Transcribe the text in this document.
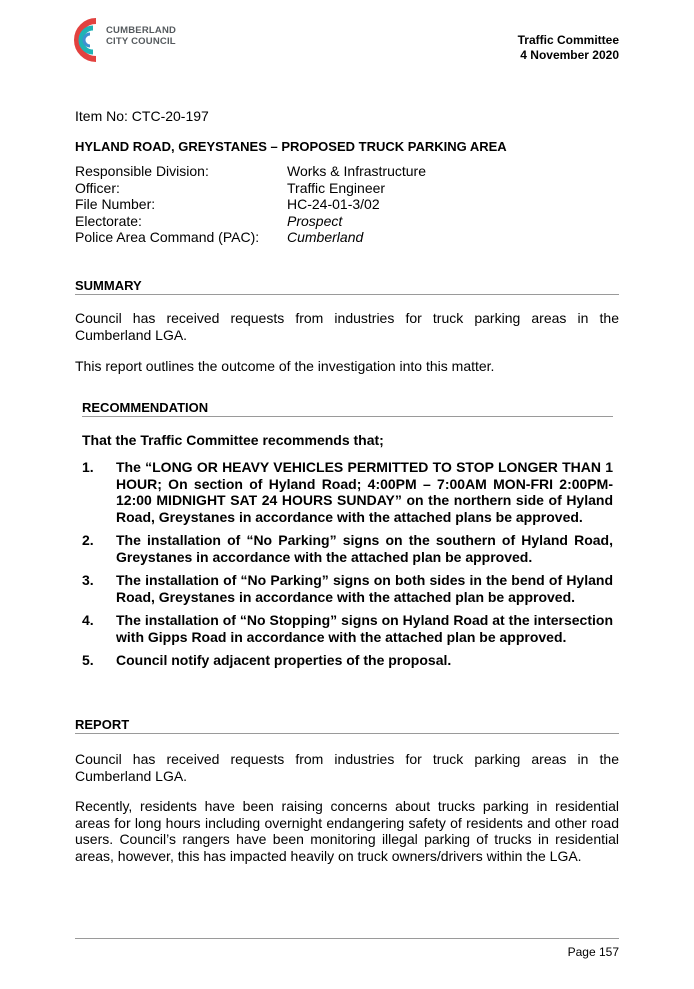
CUMBERLAND
CITY COUNCIL	Traffic Committee
4 November 2020
Item No: CTC-20-197
HYLAND ROAD, GREYSTANES – PROPOSED TRUCK PARKING AREA
Responsible Division:	Works & Infrastructure
Officer:	Traffic Engineer
File Number:	HC-24-01-3/02
Electorate:	Prospect
Police Area Command (PAC):	Cumberland
SUMMARY
Council has received requests from industries for truck parking areas in the Cumberland LGA.
This report outlines the outcome of the investigation into this matter.
RECOMMENDATION
That the Traffic Committee recommends that;
1.	The “LONG OR HEAVY VEHICLES PERMITTED TO STOP LONGER THAN 1 HOUR; On section of Hyland Road; 4:00PM – 7:00AM MON-FRI 2:00PM-12:00 MIDNIGHT SAT 24 HOURS SUNDAY” on the northern side of Hyland Road, Greystanes in accordance with the attached plans be approved.
2.	The installation of “No Parking” signs on the southern of Hyland Road, Greystanes in accordance with the attached plan be approved.
3.	The installation of “No Parking” signs on both sides in the bend of Hyland Road, Greystanes in accordance with the attached plan be approved.
4.	The installation of “No Stopping” signs on Hyland Road at the intersection with Gipps Road in accordance with the attached plan be approved.
5.	Council notify adjacent properties of the proposal.
REPORT
Council has received requests from industries for truck parking areas in the Cumberland LGA.
Recently, residents have been raising concerns about trucks parking in residential areas for long hours including overnight endangering safety of residents and other road users. Council’s rangers have been monitoring illegal parking of trucks in residential areas, however, this has impacted heavily on truck owners/drivers within the LGA.
Page 157
